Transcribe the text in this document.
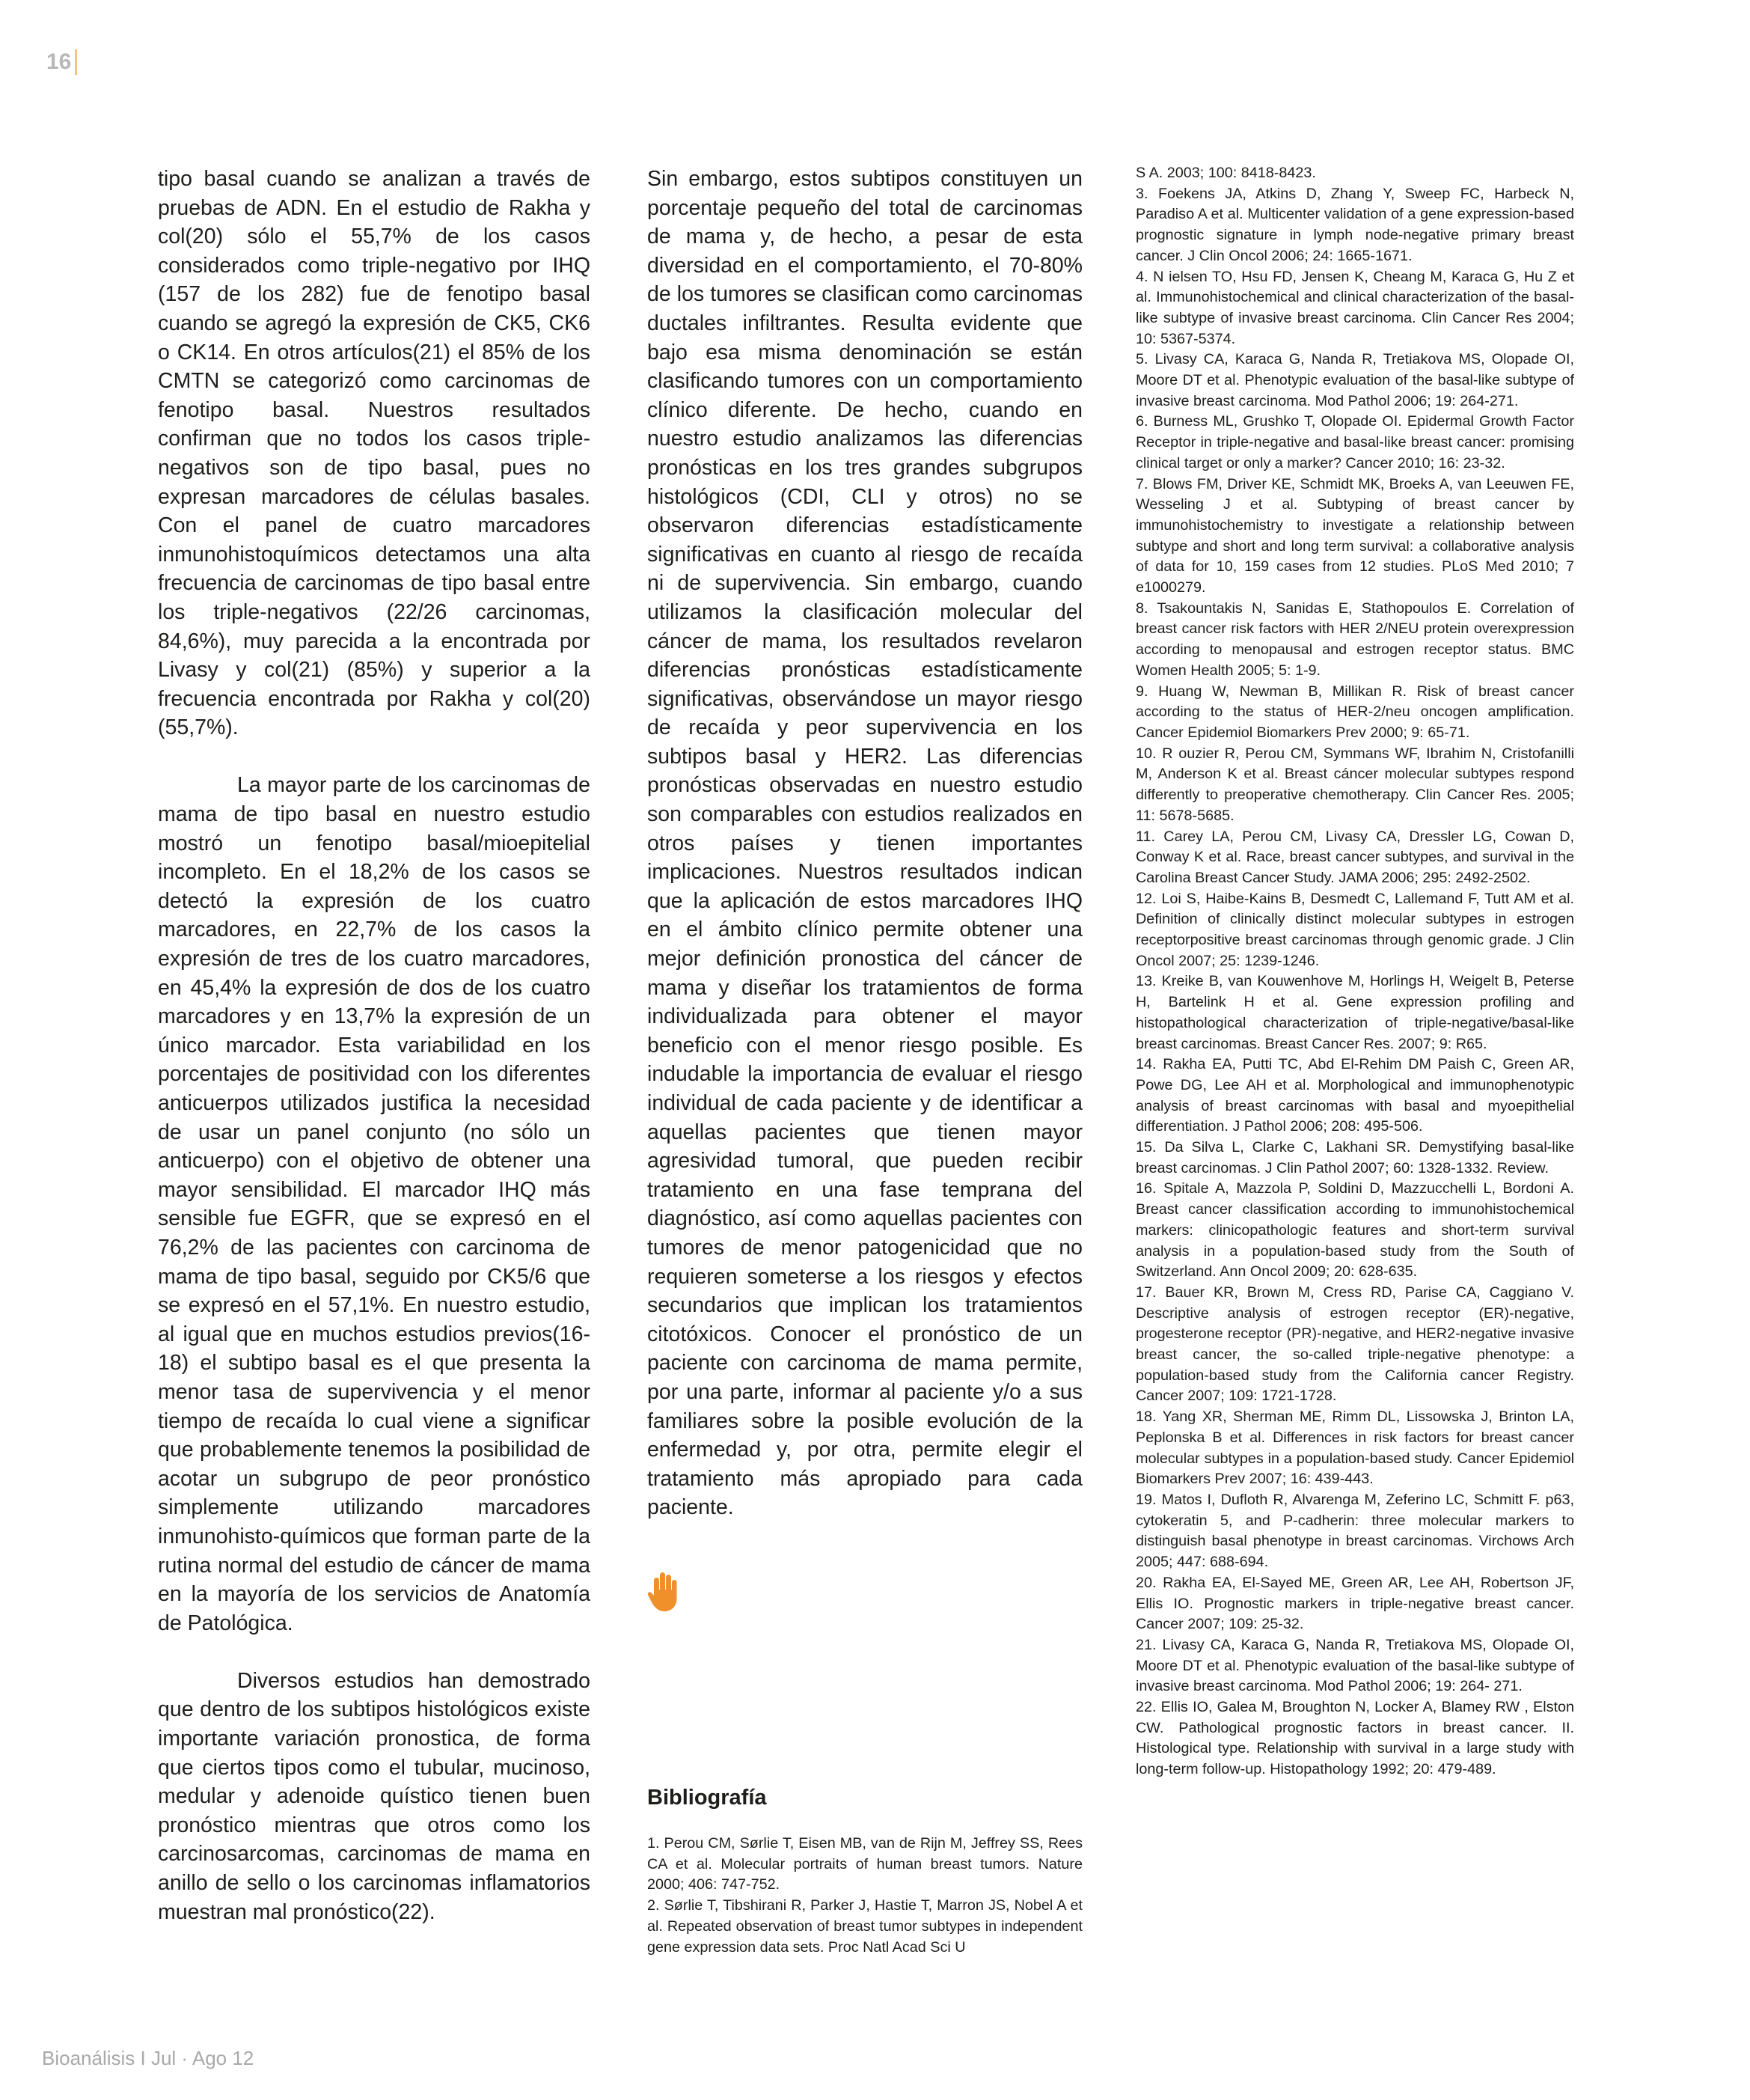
16

tipo basal cuando se analizan a través de pruebas de ADN. En el estudio de Rakha y col(20) sólo el 55,7% de los casos considerados como triple-negativo por IHQ (157 de los 282) fue de fenotipo basal cuando se agregó la expresión de CK5, CK6 o CK14. En otros artículos(21) el 85% de los CMTN se categorizó como carcinomas de fenotipo basal. Nuestros resultados confirman que no todos los casos triple-negativos son de tipo basal, pues no expresan marcadores de células basales. Con el panel de cuatro marcadores inmunohistoquímicos detectamos una alta frecuencia de carcinomas de tipo basal entre los triple-negativos (22/26 carcinomas, 84,6%), muy parecida a la encontrada por Livasy y col(21) (85%) y superior a la frecuencia encontrada por Rakha y col(20) (55,7%).

La mayor parte de los carcinomas de mama de tipo basal en nuestro estudio mostró un fenotipo basal/mioepitelial incompleto. En el 18,2% de los casos se detectó la expresión de los cuatro marcadores, en 22,7% de los casos la expresión de tres de los cuatro marcadores, en 45,4% la expresión de dos de los cuatro marcadores y en 13,7% la expresión de un único marcador. Esta variabilidad en los porcentajes de positividad con los diferentes anticuerpos utilizados justifica la necesidad de usar un panel conjunto (no sólo un anticuerpo) con el objetivo de obtener una mayor sensibilidad. El marcador IHQ más sensible fue EGFR, que se expresó en el 76,2% de las pacientes con carcinoma de mama de tipo basal, seguido por CK5/6 que se expresó en el 57,1%. En nuestro estudio, al igual que en muchos estudios previos(16-18) el subtipo basal es el que presenta la menor tasa de supervivencia y el menor tiempo de recaída lo cual viene a significar que probablemente tenemos la posibilidad de acotar un subgrupo de peor pronóstico simplemente utilizando marcadores inmunohisto-químicos que forman parte de la rutina normal del estudio de cáncer de mama en la mayoría de los servicios de Anatomía de Patológica.

Diversos estudios han demostrado que dentro de los subtipos histológicos existe importante variación pronostica, de forma que ciertos tipos como el tubular, mucinoso, medular y adenoide quístico tienen buen pronóstico mientras que otros como los carcinosarcomas, carcinomas de mama en anillo de sello o los carcinomas inflamatorios muestran mal pronóstico(22).

Sin embargo, estos subtipos constituyen un porcentaje pequeño del total de carcinomas de mama y, de hecho, a pesar de esta diversidad en el comportamiento, el 70-80% de los tumores se clasifican como carcinomas ductales infiltrantes. Resulta evidente que bajo esa misma denominación se están clasificando tumores con un comportamiento clínico diferente. De hecho, cuando en nuestro estudio analizamos las diferencias pronósticas en los tres grandes subgrupos histológicos (CDI, CLI y otros) no se observaron diferencias estadísticamente significativas en cuanto al riesgo de recaída ni de supervivencia. Sin embargo, cuando utilizamos la clasificación molecular del cáncer de mama, los resultados revelaron diferencias pronósticas estadísticamente significativas, observándose un mayor riesgo de recaída y peor supervivencia en los subtipos basal y HER2. Las diferencias pronósticas observadas en nuestro estudio son comparables con estudios realizados en otros países y tienen importantes implicaciones. Nuestros resultados indican que la aplicación de estos marcadores IHQ en el ámbito clínico permite obtener una mejor definición pronostica del cáncer de mama y diseñar los tratamientos de forma individualizada para obtener el mayor beneficio con el menor riesgo posible. Es indudable la importancia de evaluar el riesgo individual de cada paciente y de identificar a aquellas pacientes que tienen mayor agresividad tumoral, que pueden recibir tratamiento en una fase temprana del diagnóstico, así como aquellas pacientes con tumores de menor patogenicidad que no requieren someterse a los riesgos y efectos secundarios que implican los tratamientos citotóxicos. Conocer el pronóstico de un paciente con carcinoma de mama permite, por una parte, informar al paciente y/o a sus familiares sobre la posible evolución de la enfermedad y, por otra, permite elegir el tratamiento más apropiado para cada paciente.

Bibliografía

1. Perou CM, Sørlie T, Eisen MB, van de Rijn M, Jeffrey SS, Rees CA et al. Molecular portraits of human breast tumors. Nature 2000; 406: 747-752.

2. Sørlie T, Tibshirani R, Parker J, Hastie T, Marron JS, Nobel A et al. Repeated observation of breast tumor subtypes in independent gene expression data sets. Proc Natl Acad Sci U

S A. 2003; 100: 8418-8423.

3. Foekens JA, Atkins D, Zhang Y, Sweep FC, Harbeck N, Paradiso A et al. Multicenter validation of a gene expression-based prognostic signature in lymph node-negative primary breast cancer. J Clin Oncol 2006; 24: 1665-1671.

4. N ielsen TO, Hsu FD, Jensen K, Cheang M, Karaca G, Hu Z et al. Immunohistochemical and clinical characterization of the basal-like subtype of invasive breast carcinoma. Clin Cancer Res 2004; 10: 5367-5374.

5. Livasy CA, Karaca G, Nanda R, Tretiakova MS, Olopade OI, Moore DT et al. Phenotypic evaluation of the basal-like subtype of invasive breast carcinoma. Mod Pathol 2006; 19: 264-271.

6. Burness ML, Grushko T, Olopade OI. Epidermal Growth Factor Receptor in triple-negative and basal-like breast cancer: promising clinical target or only a marker? Cancer 2010; 16: 23-32.

7. Blows FM, Driver KE, Schmidt MK, Broeks A, van Leeuwen FE, Wesseling J et al. Subtyping of breast cancer by immunohistochemistry to investigate a relationship between subtype and short and long term survival: a collaborative analysis of data for 10, 159 cases from 12 studies. PLoS Med 2010; 7 e1000279.

8. Tsakountakis N, Sanidas E, Stathopoulos E. Correlation of breast cancer risk factors with HER 2/NEU protein overexpression according to menopausal and estrogen receptor status. BMC Women Health 2005; 5: 1-9.

9. Huang W, Newman B, Millikan R. Risk of breast cancer according to the status of HER-2/neu oncogen amplification. Cancer Epidemiol Biomarkers Prev 2000; 9: 65-71.

10. R ouzier R, Perou CM, Symmans WF, Ibrahim N, Cristofanilli M, Anderson K et al. Breast cáncer molecular subtypes respond differently to preoperative chemotherapy. Clin Cancer Res. 2005; 11: 5678-5685.

11. Carey LA, Perou CM, Livasy CA, Dressler LG, Cowan D, Conway K et al. Race, breast cancer subtypes, and survival in the Carolina Breast Cancer Study. JAMA 2006; 295: 2492-2502.

12. Loi S, Haibe-Kains B, Desmedt C, Lallemand F, Tutt AM et al. Definition of clinically distinct molecular subtypes in estrogen receptorpositive breast carcinomas through genomic grade. J Clin Oncol 2007; 25: 1239-1246.

13. Kreike B, van Kouwenhove M, Horlings H, Weigelt B, Peterse H, Bartelink H et al. Gene expression profiling and histopathological characterization of triple-negative/basal-like breast carcinomas. Breast Cancer Res. 2007; 9: R65.

14. Rakha EA, Putti TC, Abd El-Rehim DM Paish C, Green AR, Powe DG, Lee AH et al. Morphological and immunophenotypic analysis of breast carcinomas with basal and myoepithelial differentiation. J Pathol 2006; 208: 495-506.

15. Da Silva L, Clarke C, Lakhani SR. Demystifying basal-like breast carcinomas. J Clin Pathol 2007; 60: 1328-1332. Review.

16. Spitale A, Mazzola P, Soldini D, Mazzucchelli L, Bordoni A. Breast cancer classification according to immunohistochemical markers: clinicopathologic features and short-term survival analysis in a population-based study from the South of Switzerland. Ann Oncol 2009; 20: 628-635.

17. Bauer KR, Brown M, Cress RD, Parise CA, Caggiano V. Descriptive analysis of estrogen receptor (ER)-negative, progesterone receptor (PR)-negative, and HER2-negative invasive breast cancer, the so-called triple-negative phenotype: a population-based study from the California cancer Registry. Cancer 2007; 109: 1721-1728.

18. Yang XR, Sherman ME, Rimm DL, Lissowska J, Brinton LA, Peplonska B et al. Differences in risk factors for breast cancer molecular subtypes in a population-based study. Cancer Epidemiol Biomarkers Prev 2007; 16: 439-443.

19. Matos I, Dufloth R, Alvarenga M, Zeferino LC, Schmitt F. p63, cytokeratin 5, and P-cadherin: three molecular markers to distinguish basal phenotype in breast carcinomas. Virchows Arch 2005; 447: 688-694.

20. Rakha EA, El-Sayed ME, Green AR, Lee AH, Robertson JF, Ellis IO. Prognostic markers in triple-negative breast cancer. Cancer 2007; 109: 25-32.

21. Livasy CA, Karaca G, Nanda R, Tretiakova MS, Olopade OI, Moore DT et al. Phenotypic evaluation of the basal-like subtype of invasive breast carcinoma. Mod Pathol 2006; 19: 264- 271.

22. Ellis IO, Galea M, Broughton N, Locker A, Blamey RW , Elston CW. Pathological prognostic factors in breast cancer. II. Histological type. Relationship with survival in a large study with long-term follow-up. Histopathology 1992; 20: 479-489.

Bioanálisis I Jul · Ago 12
